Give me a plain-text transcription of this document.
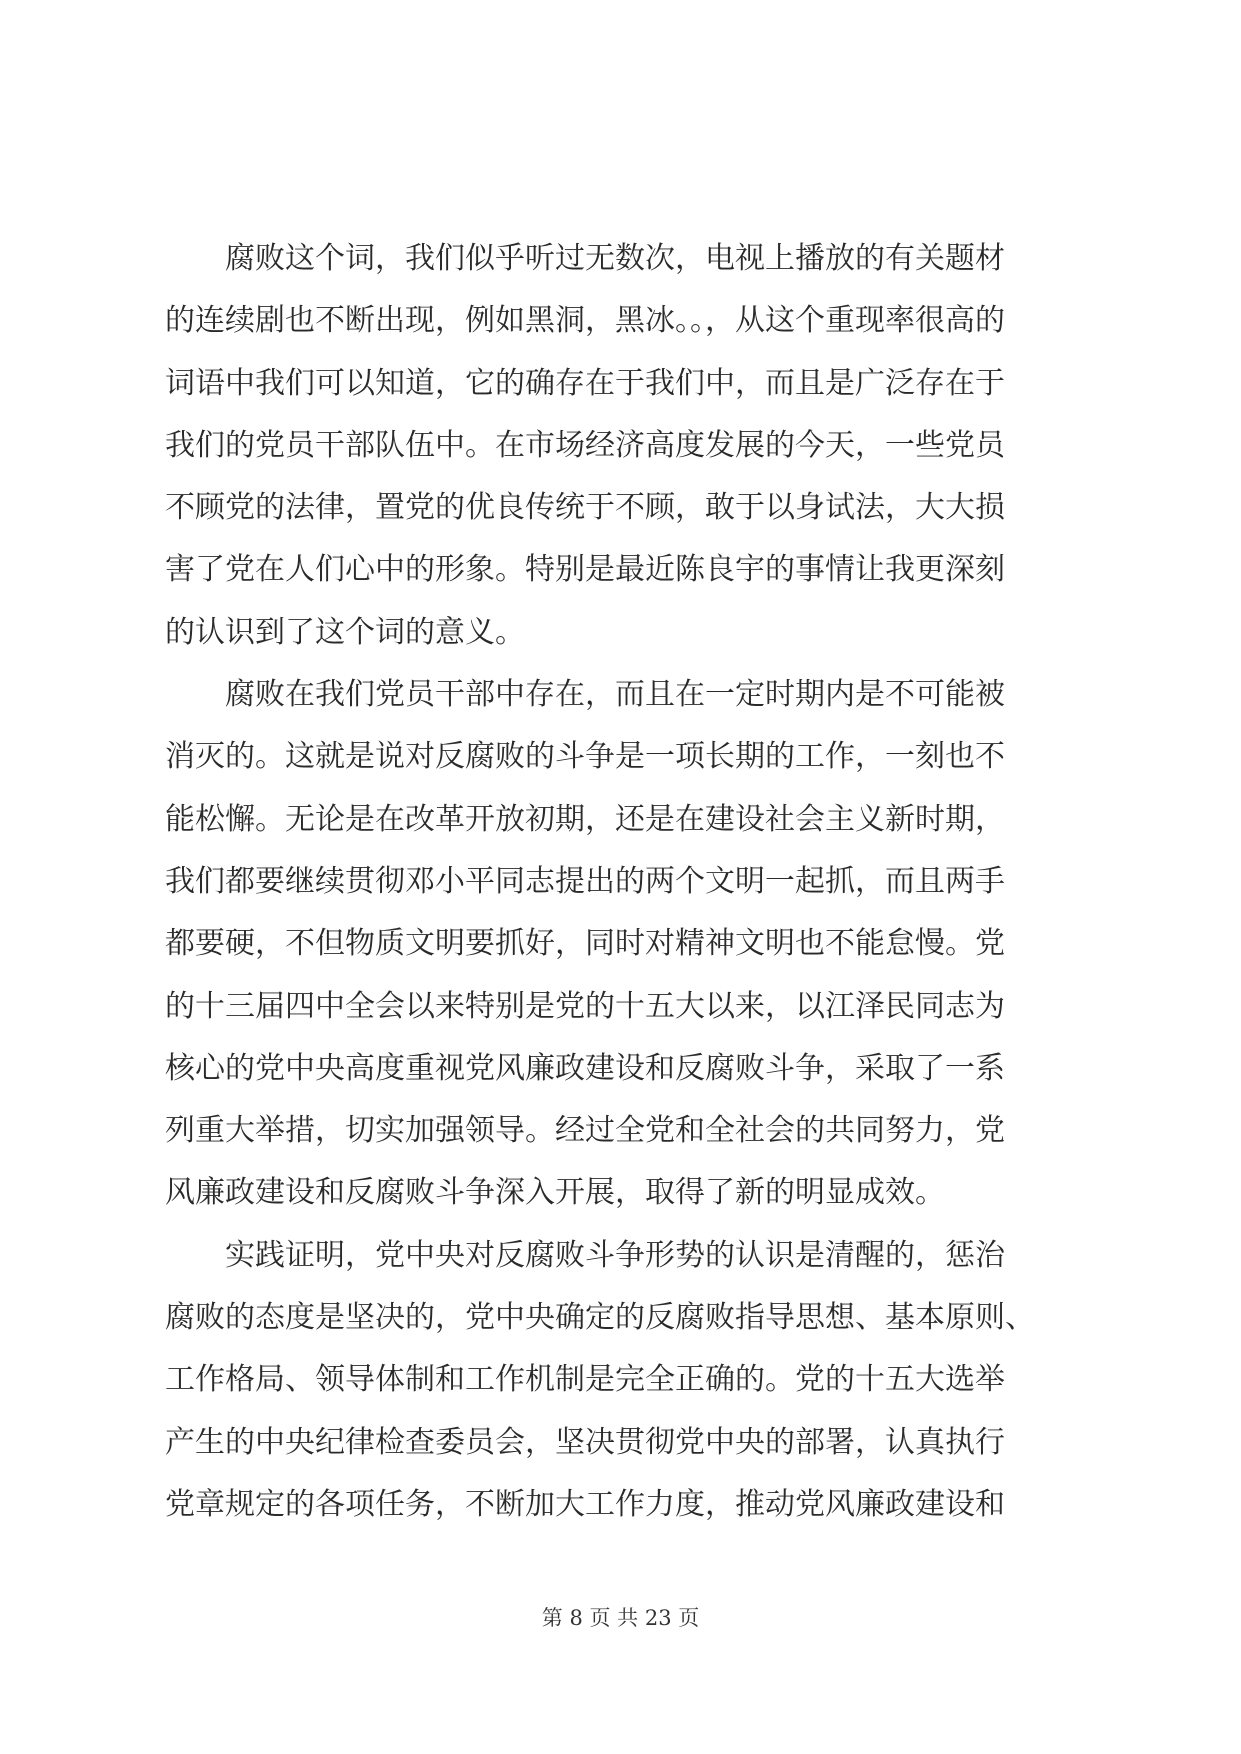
　　腐败这个词，我们似乎听过无数次，电视上播放的有关题材
的连续剧也不断出现，例如黑洞，黑冰。。，从这个重现率很高的
词语中我们可以知道，它的确存在于我们中，而且是广泛存在于
我们的党员干部队伍中。在市场经济高度发展的今天，一些党员
不顾党的法律，置党的优良传统于不顾，敢于以身试法，大大损
害了党在人们心中的形象。特别是最近陈良宇的事情让我更深刻
的认识到了这个词的意义。
　　腐败在我们党员干部中存在，而且在一定时期内是不可能被
消灭的。这就是说对反腐败的斗争是一项长期的工作，一刻也不
能松懈。无论是在改革开放初期，还是在建设社会主义新时期，
我们都要继续贯彻邓小平同志提出的两个文明一起抓，而且两手
都要硬，不但物质文明要抓好，同时对精神文明也不能怠慢。党
的十三届四中全会以来特别是党的十五大以来，以江泽民同志为
核心的党中央高度重视党风廉政建设和反腐败斗争，采取了一系
列重大举措，切实加强领导。经过全党和全社会的共同努力，党
风廉政建设和反腐败斗争深入开展，取得了新的明显成效。
　　实践证明，党中央对反腐败斗争形势的认识是清醒的，惩治
腐败的态度是坚决的，党中央确定的反腐败指导思想、基本原则、
工作格局、领导体制和工作机制是完全正确的。党的十五大选举
产生的中央纪律检查委员会，坚决贯彻党中央的部署，认真执行
党章规定的各项任务，不断加大工作力度，推动党风廉政建设和
第 8 页 共 23 页
